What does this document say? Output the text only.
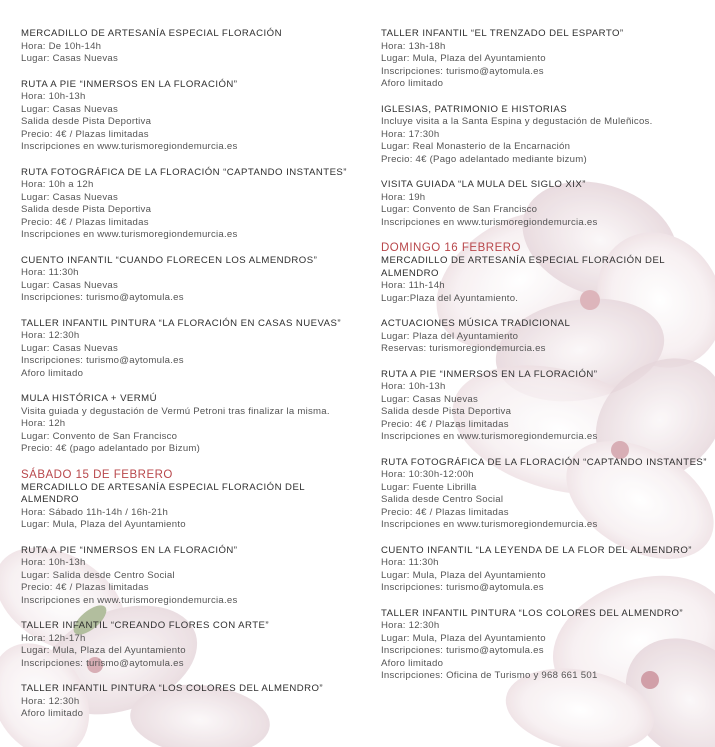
MERCADILLO DE ARTESANÍA ESPECIAL FLORACIÓN
Hora: De 10h-14h
Lugar: Casas Nuevas
RUTA A PIE “INMERSOS EN LA FLORACIÓN”
Hora: 10h-13h
Lugar: Casas Nuevas
Salida desde Pista Deportiva
Precio: 4€ / Plazas limitadas
Inscripciones en www.turismoregiondemurcia.es
RUTA FOTOGRÁFICA DE LA FLORACIÓN “CAPTANDO INSTANTES”
Hora: 10h a 12h
Lugar: Casas Nuevas
Salida desde Pista Deportiva
Precio: 4€ / Plazas limitadas
Inscripciones en www.turismoregiondemurcia.es
CUENTO INFANTIL “CUANDO FLORECEN LOS ALMENDROS”
Hora: 11:30h
Lugar: Casas Nuevas
Inscripciones: turismo@aytomula.es
TALLER INFANTIL PINTURA “LA FLORACIÓN EN CASAS NUEVAS”
Hora: 12:30h
Lugar: Casas Nuevas
Inscripciones: turismo@aytomula.es
Aforo limitado
MULA HISTÓRICA + VERMÚ
Visita guiada y degustación de Vermú Petroni tras finalizar la misma.
Hora: 12h
Lugar: Convento de San Francisco
Precio: 4€ (pago adelantado por Bizum)
SÁBADO 15 DE FEBRERO
MERCADILLO DE ARTESANÍA ESPECIAL FLORACIÓN DEL
ALMENDRO
Hora: Sábado 11h-14h / 16h-21h
Lugar: Mula, Plaza del Ayuntamiento
RUTA A PIE “INMERSOS EN LA FLORACIÓN”
Hora: 10h-13h
Lugar: Salida desde Centro Social
Precio: 4€ / Plazas limitadas
Inscripciones en www.turismoregiondemurcia.es
TALLER INFANTIL “CREANDO FLORES CON ARTE”
Hora: 12h-17h
Lugar: Mula, Plaza del Ayuntamiento
Inscripciones: turismo@aytomula.es
TALLER INFANTIL PINTURA “LOS COLORES DEL ALMENDRO”
Hora: 12:30h
Aforo limitado
TALLER INFANTIL “EL TRENZADO DEL ESPARTO”
Hora: 13h-18h
Lugar: Mula, Plaza del Ayuntamiento
Inscripciones: turismo@aytomula.es
Aforo limitado
IGLESIAS, PATRIMONIO E HISTORIAS
Incluye visita a la Santa Espina y degustación de Muleñicos.
Hora: 17:30h
Lugar: Real Monasterio de la Encarnación
Precio: 4€ (Pago adelantado mediante bizum)
VISITA GUIADA “LA MULA DEL SIGLO XIX”
Hora: 19h
Lugar: Convento de San Francisco
Inscripciones en www.turismoregiondemurcia.es
DOMINGO 16 FEBRERO
MERCADILLO DE ARTESANÍA ESPECIAL FLORACIÓN DEL
ALMENDRO
Hora: 11h-14h
Lugar:Plaza del Ayuntamiento.
ACTUACIONES MÚSICA TRADICIONAL
Lugar: Plaza del Ayuntamiento
Reservas: turismoregiondemurcia.es
RUTA A PIE “INMERSOS EN LA FLORACIÓN”
Hora: 10h-13h
Lugar: Casas Nuevas
Salida desde Pista Deportiva
Precio: 4€ / Plazas limitadas
Inscripciones en www.turismoregiondemurcia.es
RUTA FOTOGRÁFICA DE LA FLORACIÓN “CAPTANDO INSTANTES”
Hora: 10:30h-12:00h
Lugar: Fuente Librilla
Salida desde Centro Social
Precio: 4€ / Plazas limitadas
Inscripciones en www.turismoregiondemurcia.es
CUENTO INFANTIL “LA LEYENDA DE LA FLOR DEL ALMENDRO”
Hora: 11:30h
Lugar: Mula, Plaza del Ayuntamiento
Inscripciones: turismo@aytomula.es
TALLER INFANTIL PINTURA “LOS COLORES DEL ALMENDRO”
Hora: 12:30h
Lugar: Mula, Plaza del Ayuntamiento
Inscripciones: turismo@aytomula.es
Aforo limitado
Inscripciones: Oficina de Turismo y 968 661 501
